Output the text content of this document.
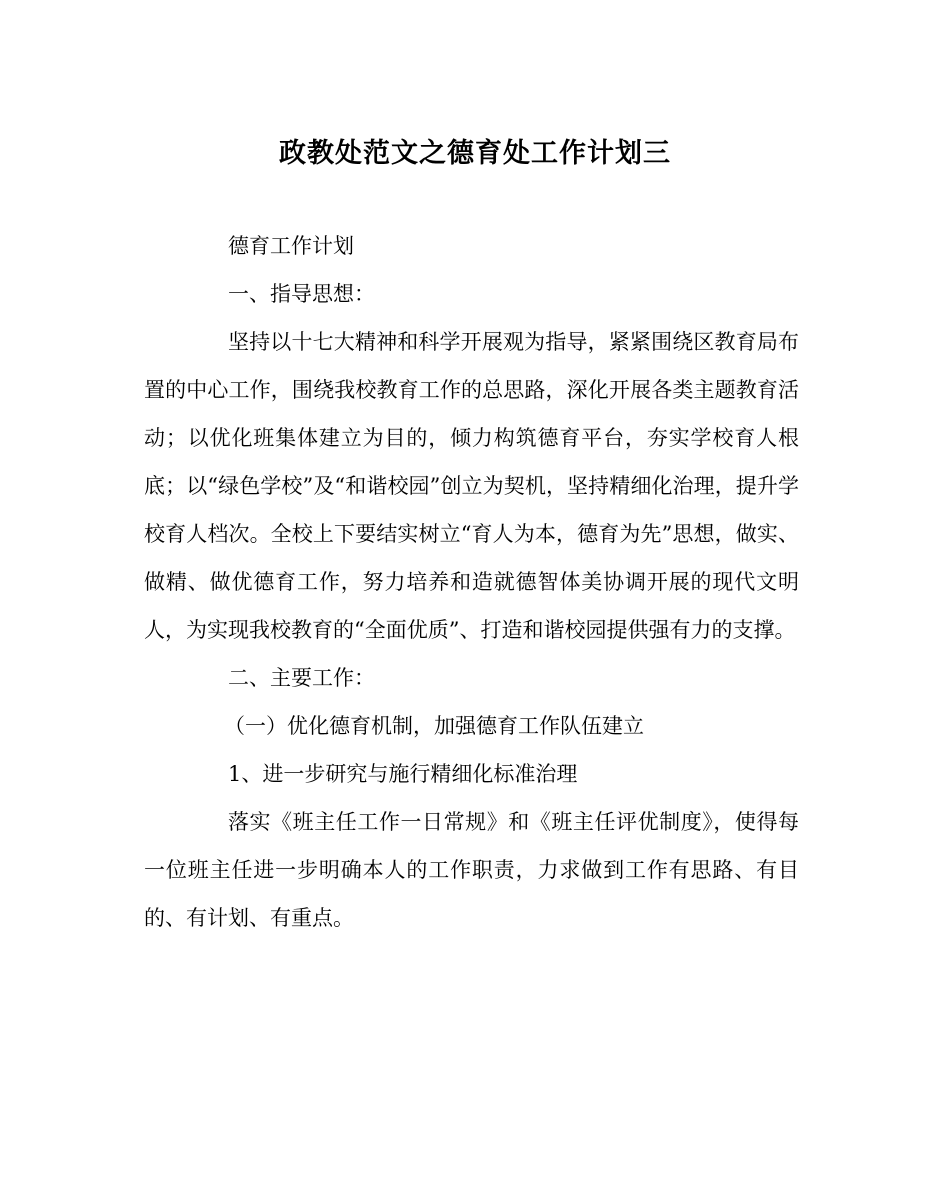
政教处范文之德育处工作计划三

德育工作计划

一、指导思想：

坚持以十七大精神和科学开展观为指导，紧紧围绕区教育局布置的中心工作，围绕我校教育工作的总思路，深化开展各类主题教育活动；以优化班集体建立为目的，倾力构筑德育平台，夯实学校育人根底；以“绿色学校”及“和谐校园”创立为契机，坚持精细化治理，提升学校育人档次。全校上下要结实树立“育人为本，德育为先”思想，做实、做精、做优德育工作，努力培养和造就德智体美协调开展的现代文明人，为实现我校教育的“全面优质”、打造和谐校园提供强有力的支撑。

二、主要工作：

（一）优化德育机制，加强德育工作队伍建立

1、进一步研究与施行精细化标准治理

落实《班主任工作一日常规》和《班主任评优制度》，使得每一位班主任进一步明确本人的工作职责，力求做到工作有思路、有目的、有计划、有重点。
